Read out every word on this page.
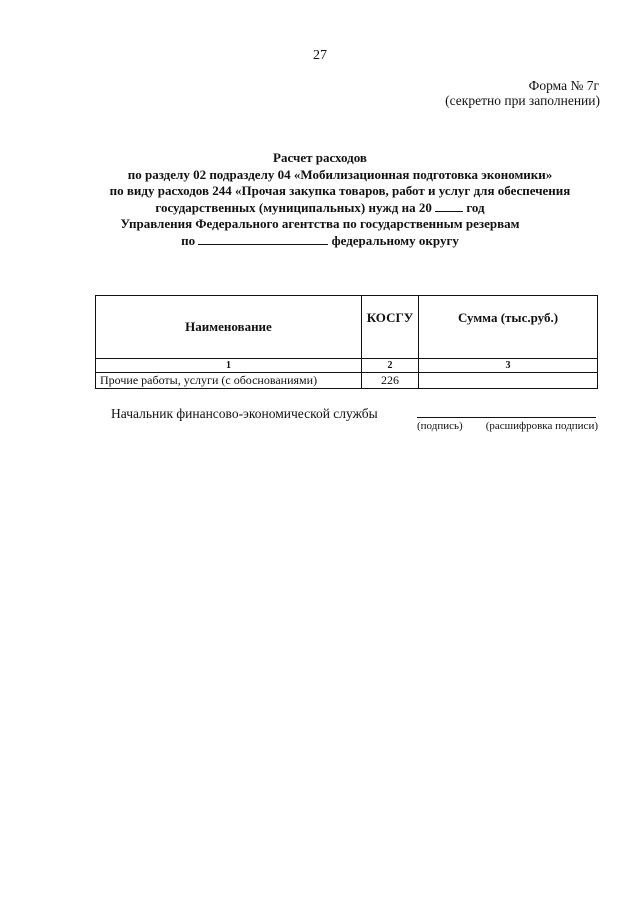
27
Форма № 7г
(секретно при заполнении)
Расчет расходов
по разделу 02 подразделу 04 «Мобилизационная подготовка экономики»
по виду расходов 244 «Прочая закупка товаров, работ и услуг для обеспечения
государственных (муниципальных) нужд на 20	год
Управления Федерального агентства по государственным резервам
по	федеральному округу
Наименование	КОСГУ	Сумма (тыс.руб.)
1	2	3
Прочие работы, услуги (с обоснованиями)	226	
Начальник финансово-экономической службы
(подпись) (расшифровка подписи)
